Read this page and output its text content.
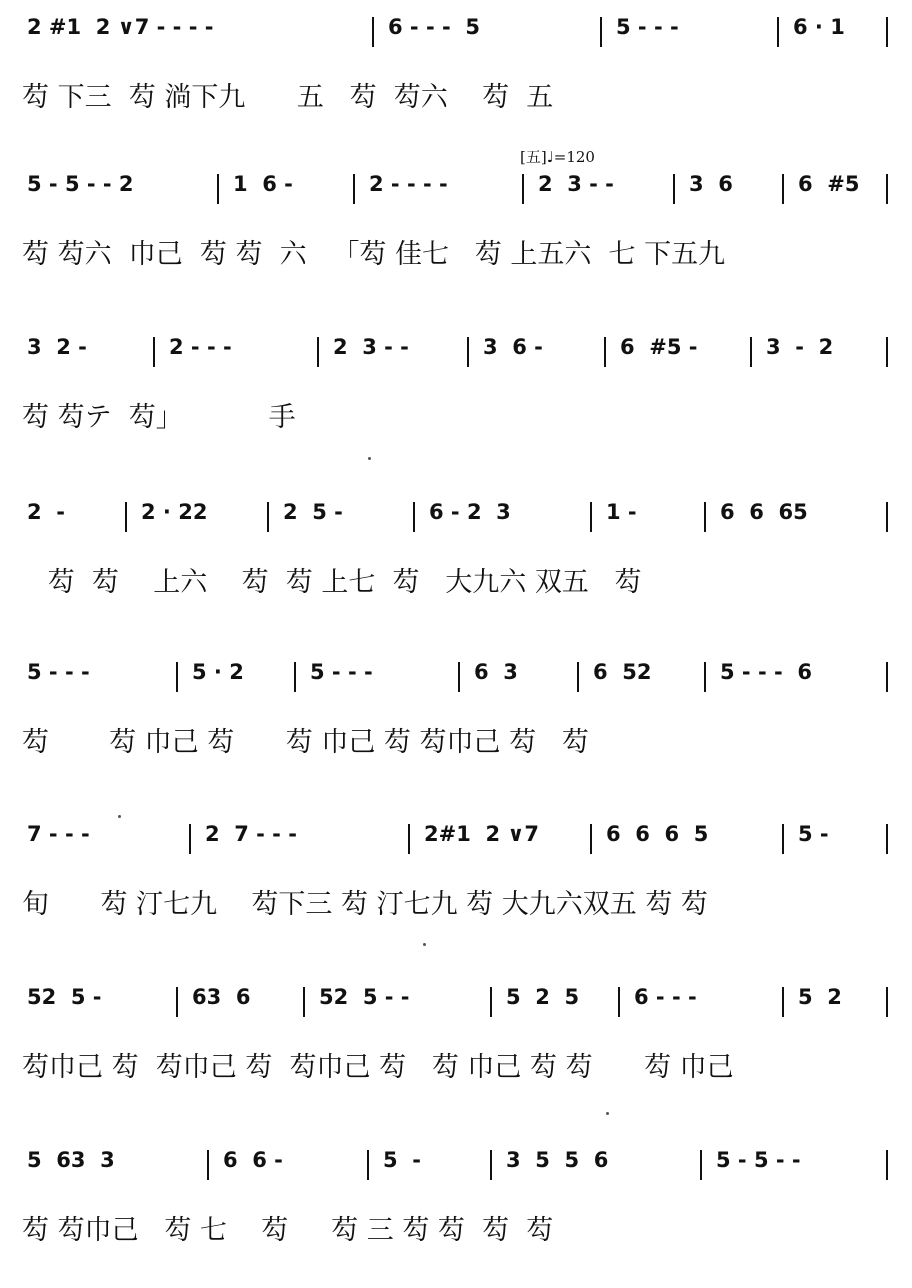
[五]♩=120
2 #1  2 ∨7 - - - -	6 - - -  5	5 - - -	6 · 1
芶 下三  芶 淌下九      五   芶  芶六    芶  五
5 - 5 - - 2	1  6 -	2 - - - -	2  3 - -	3  6	6  #5
芶 芶六  巾己  芶 芶  六   「芶 佳七   芶 上五六  七 下五九
3  2 -	2 - - -	2  3 - -	3  6 -	6  #5 -	3  -  2
芶 芶テ  芶」          手
2  -	2 · 22	2  5 -	6 - 2  3	1 -	6  6  65
芶  芶    上六    芶  芶 上七  芶   大九六 双五   芶
5 - - -	5 · 2	5 - - -	6  3	6  52	5 - - -  6
芶       芶 巾己 芶      芶 巾己 芶 芶巾己 芶   芶
7 - - -	2  7 - - -	2#1  2 ∨7	6  6  6  5	5 -
旬      芶 汀七九    芶下三 芶 汀七九 芶 大九六双五 芶 芶
52  5 -	63  6	52  5 - -	5  2  5	6 - - -	5  2
芶巾己 芶  芶巾己 芶  芶巾己 芶   芶 巾己 芶 芶      芶 巾己
5  63  3	6  6 -	5  -	3  5  5  6	5 - 5 - -
芶 芶巾己   芶 七    芶     芶 三 芶 芶  芶  芶
